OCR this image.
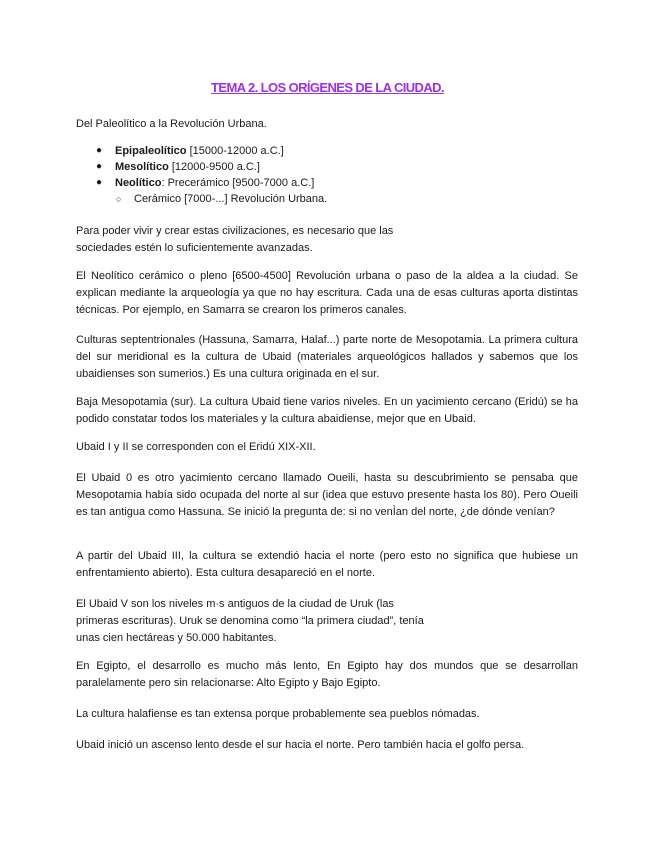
TEMA 2. LOS ORÍGENES DE LA CIUDAD.

Del Paleolítico a la Revolución Urbana.

● Epipaleolítico [15000-12000 a.C.]
● Mesolítico [12000-9500 a.C.]
● Neolítico: Precerámico [9500-7000 a.C.]
○ Cerámico [7000-...] Revolución Urbana.
Para poder vivir y crear estas civilizaciones, es necesario que las
sociedades estén lo suficientemente avanzadas.

El Neolítico cerámico o pleno [6500-4500] Revolución urbana o paso de la aldea a la ciudad. Se explican mediante la arqueología ya que no hay escritura. Cada una de esas culturas aporta distintas técnicas. Por ejemplo, en Samarra se crearon los primeros canales.

Culturas septentrionales (Hassuna, Samarra, Halaf...) parte norte de Mesopotamia. La primera cultura del sur meridional es la cultura de Ubaid (materiales arqueológicos hallados y sabemos que los ubaidienses son sumerios.) Es una cultura originada en el sur.

Baja Mesopotamia (sur). La cultura Ubaid tiene varios niveles. En un yacimiento cercano (Eridú) se ha podido constatar todos los materiales y la cultura abaidiense, mejor que en Ubaid.

Ubaid I y II se corresponden con el Eridú XIX-XII.

El Ubaid 0 es otro yacimiento cercano llamado Oueili, hasta su descubrimiento se pensaba que Mesopotamia había sido ocupada del norte al sur (idea que estuvo presente hasta los 80). Pero Oueili es tan antigua como Hassuna. Se inició la pregunta de: si no venÌan del norte, ¿de dónde venían?

A partir del Ubaid III, la cultura se extendió hacia el norte (pero esto no significa que hubiese un enfrentamiento abierto). Esta cultura desapareció en el norte.

El Ubaid V son los niveles m·s antiguos de la ciudad de Uruk (las
primeras escrituras). Uruk se denomina como “la primera ciudad”, tenía
unas cien hectáreas y 50.000 habitantes.

En Egipto, el desarrollo es mucho más lento, En Egipto hay dos mundos que se desarrollan paralelamente pero sin relacionarse: Alto Egipto y Bajo Egipto.

La cultura halafiense es tan extensa porque probablemente sea pueblos nómadas.

Ubaid inició un ascenso lento desde el sur hacia el norte. Pero también hacia el golfo persa.
